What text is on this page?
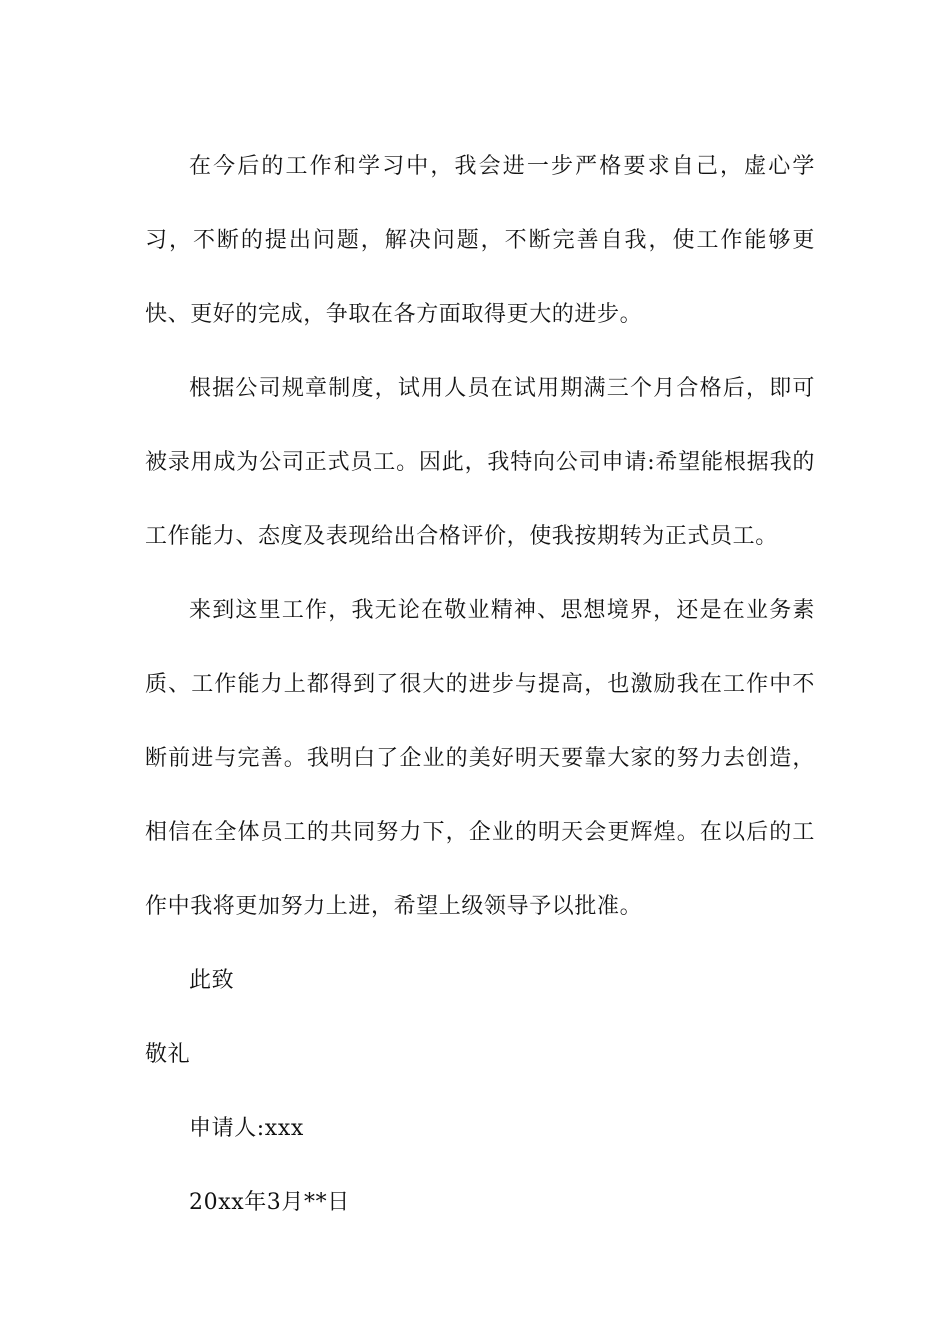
在今后的工作和学习中，我会进一步严格要求自己，虚心学习，不断的提出问题，解决问题，不断完善自我，使工作能够更快、更好的完成，争取在各方面取得更大的进步。

根据公司规章制度，试用人员在试用期满三个月合格后，即可被录用成为公司正式员工。因此，我特向公司申请:希望能根据我的工作能力、态度及表现给出合格评价，使我按期转为正式员工。

来到这里工作，我无论在敬业精神、思想境界，还是在业务素质、工作能力上都得到了很大的进步与提高，也激励我在工作中不断前进与完善。我明白了企业的美好明天要靠大家的努力去创造，相信在全体员工的共同努力下，企业的明天会更辉煌。在以后的工作中我将更加努力上进，希望上级领导予以批准。

此致

敬礼

申请人:xxx

20xx年3月**日
